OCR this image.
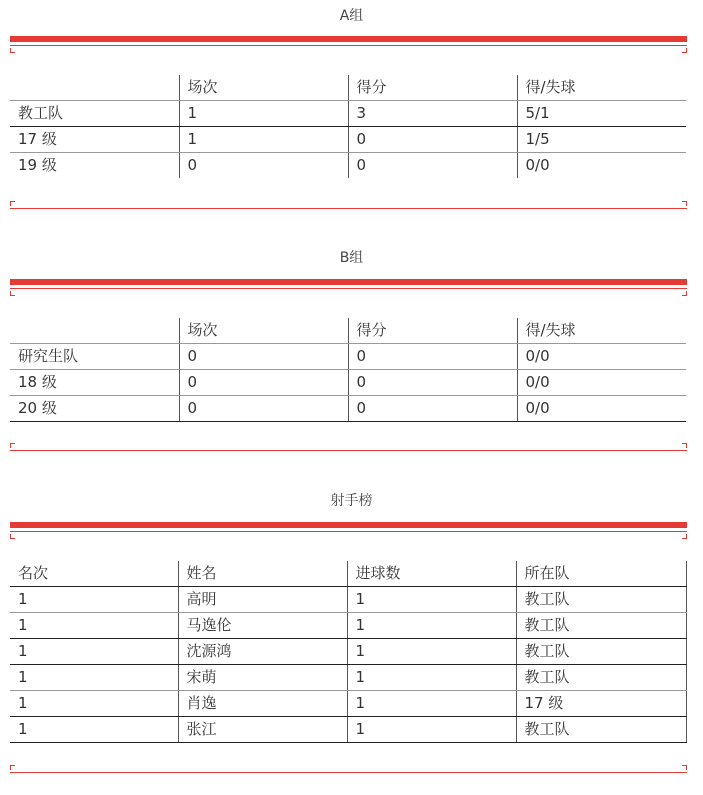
A组
	场次	得分	得/失球
教工队	1	3	5/1
17 级	1	0	1/5
19 级	0	0	0/0
B组
	场次	得分	得/失球
研究生队	0	0	0/0
18 级	0	0	0/0
20 级	0	0	0/0
射手榜
名次	姓名	进球数	所在队
1	高明	1	教工队
1	马逸伦	1	教工队
1	沈源鸿	1	教工队
1	宋萌	1	教工队
1	肖逸	1	17 级
1	张江	1	教工队
